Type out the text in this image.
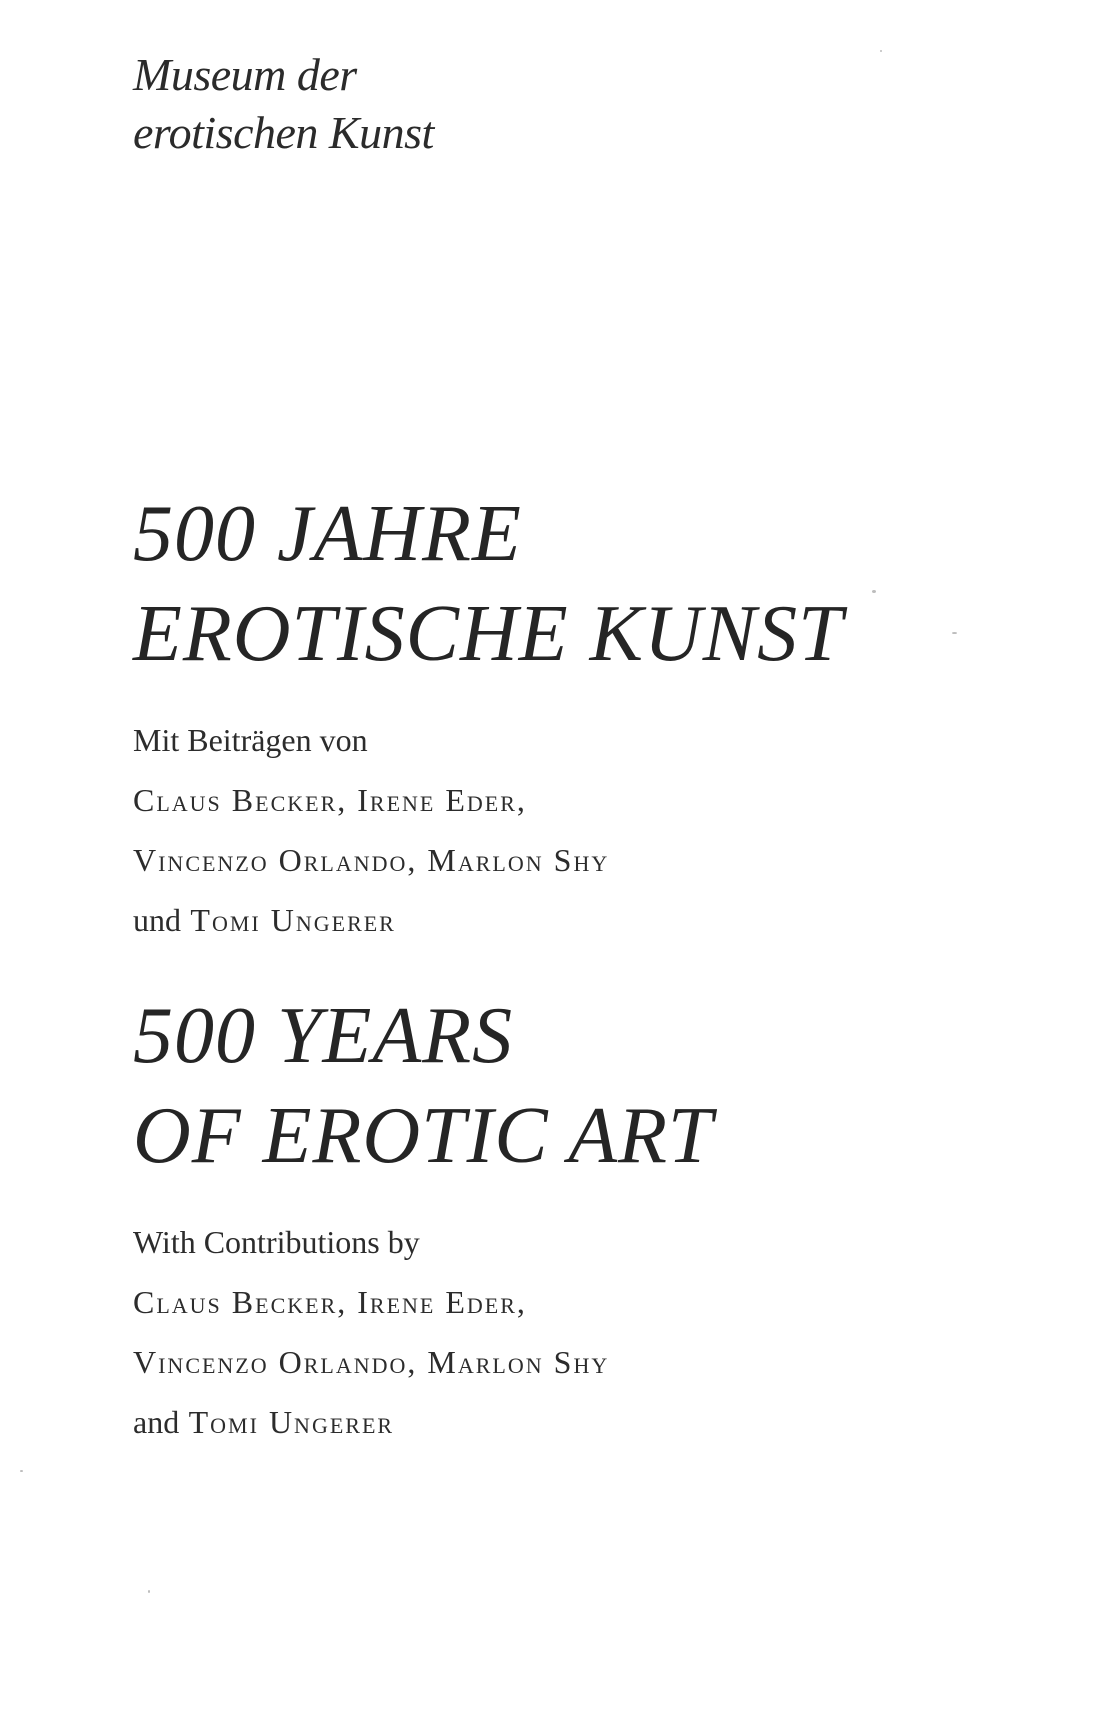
Museum der
erotischen Kunst
500 JAHRE
EROTISCHE KUNST
Mit Beiträgen von
Claus Becker, Irene Eder,
Vincenzo Orlando, Marlon Shy
und Tomi Ungerer
500 YEARS
OF EROTIC ART
With Contributions by
Claus Becker, Irene Eder,
Vincenzo Orlando, Marlon Shy
and Tomi Ungerer
